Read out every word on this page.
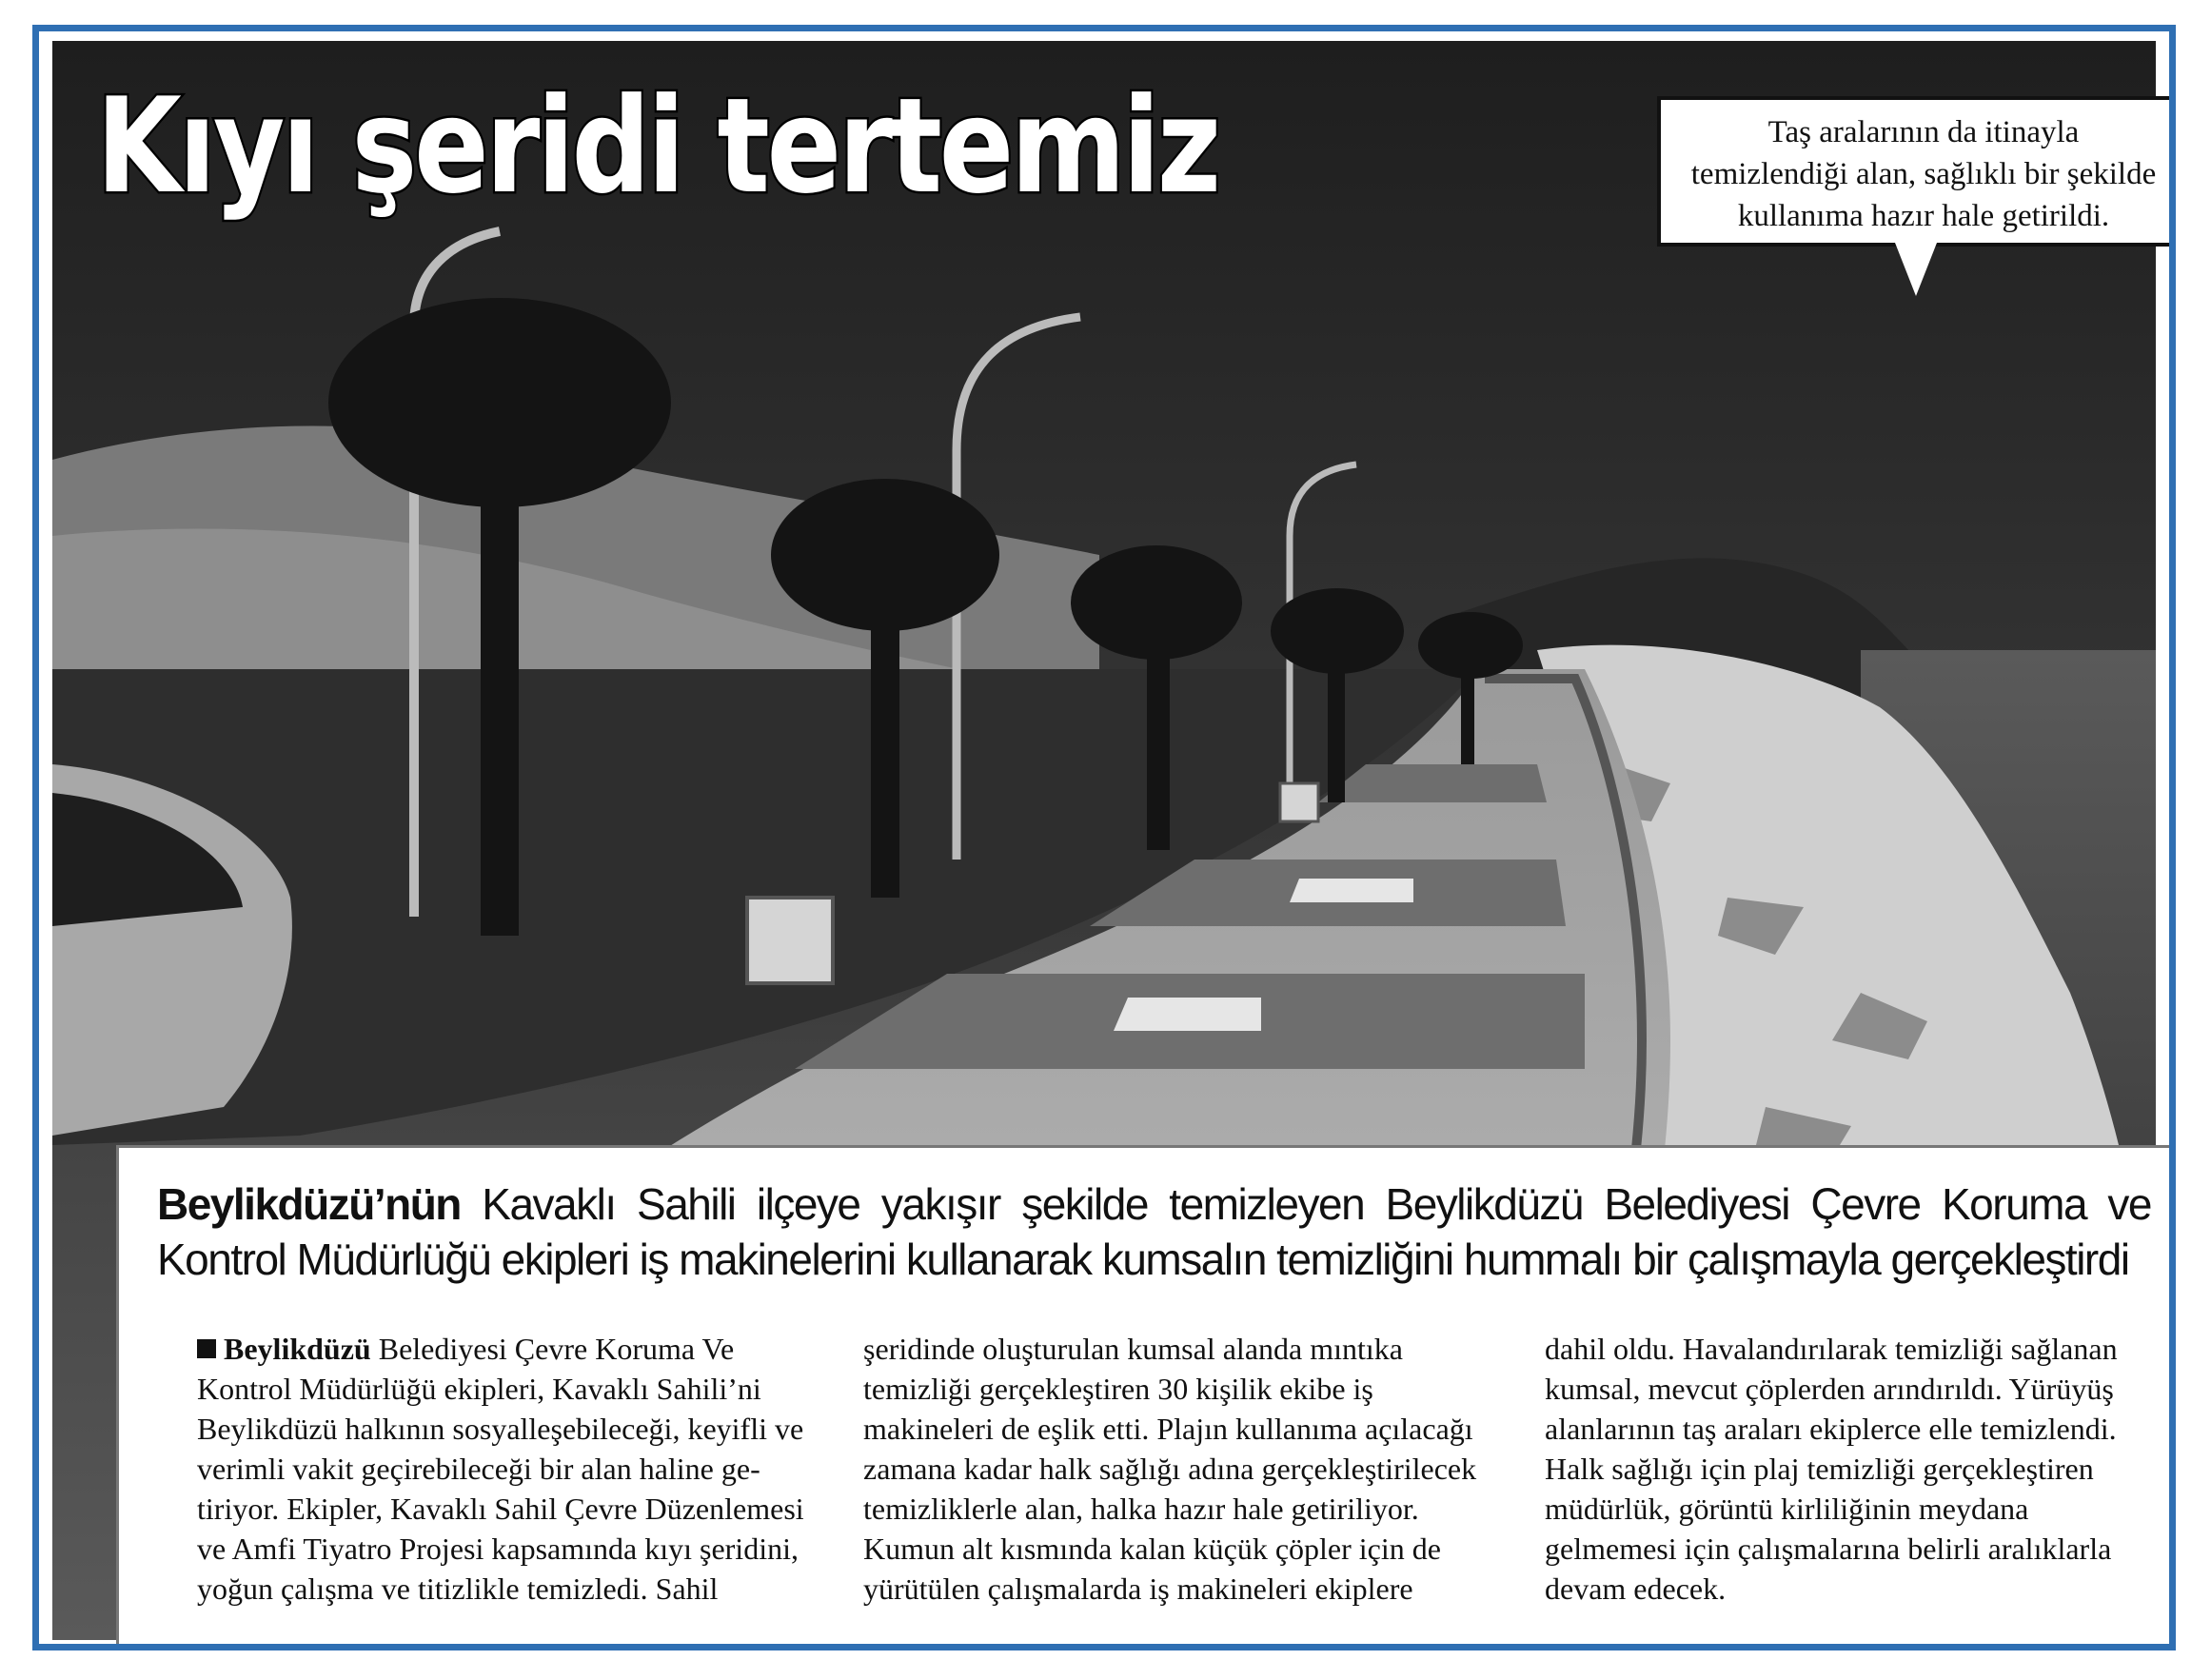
Kıyı şeridi tertemiz	Taş aralarının da itinayla
temizlendiği alan, sağlıklı bir şekilde
kullanıma hazır hale getirildi.

Beylikdüzü’nün Kavaklı Sahili ilçeye yakışır şekilde temizleyen Beylikdüzü Belediyesi Çevre Koruma ve Kontrol Müdürlüğü ekipleri iş makinelerini kullanarak kumsalın temizliğini hummalı bir çalışmayla gerçekleştirdi

Beylikdüzü Belediyesi Çevre Koruma Ve
Kontrol Müdürlüğü ekipleri, Kavaklı Sahili’ni
Beylikdüzü halkının sosyalleşebileceği, keyifli ve
verimli vakit geçirebileceği bir alan haline ge-
tiriyor. Ekipler, Kavaklı Sahil Çevre Düzenlemesi
ve Amfi Tiyatro Projesi kapsamında kıyı şeridini,
yoğun çalışma ve titizlikle temizledi. Sahil
şeridinde oluşturulan kumsal alanda mıntıka
temizliği gerçekleştiren 30 kişilik ekibe iş
makineleri de eşlik etti. Plajın kullanıma açılacağı
zamana kadar halk sağlığı adına gerçekleştirilecek
temizliklerle alan, halka hazır hale getiriliyor.
Kumun alt kısmında kalan küçük çöpler için de
yürütülen çalışmalarda iş makineleri ekiplere
dahil oldu. Havalandırılarak temizliği sağlanan
kumsal, mevcut çöplerden arındırıldı. Yürüyüş
alanlarının taş araları ekiplerce elle temizlendi.
Halk sağlığı için plaj temizliği gerçekleştiren
müdürlük, görüntü kirliliğinin meydana
gelmemesi için çalışmalarına belirli aralıklarla
devam edecek.
